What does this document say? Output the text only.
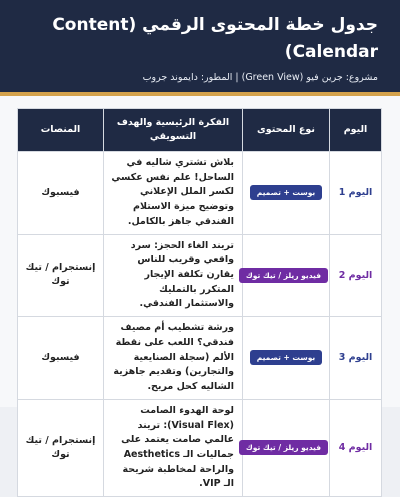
جدول خطة المحتوى الرقمي (Content Calendar)
مشروع: جرين فيو (Green View) | المطور: دايموند جروب
اليوم	نوع المحتوى	الفكرة الرئيسية والهدف التسويقي	المنصات
اليوم 1	بوست + تصميم	بلاش تشتري شاليه في الساحل! علم نفس عكسي لكسر الملل الإعلاني وتوضيح ميزة الاستلام الفندقي جاهز بالكامل.	فيسبوك
اليوم 2	فيديو ريلز / تيك توك	تريند الغاء الحجز: سرد واقعي وقريب للناس يقارن تكلفة الإيجار المتكرر بالتمليك والاستثمار الفندقي.	إنستجرام / تيك توك
اليوم 3	بوست + تصميم	ورشة تشطيب أم مصيف فندقي؟ اللعب على نقطة الألم (سجلة الصنايعية والتجارين) وتقديم جاهزية الشاليه كحل مريح.	فيسبوك
اليوم 4	فيديو ريلز / تيك توك	لوحة الهدوء الصامت (Visual Flex): تريند عالمي صامت يعتمد على جماليات الـ Aesthetics والراحة لمخاطبة شريحة الـ VIP.	إنستجرام / تيك توك
